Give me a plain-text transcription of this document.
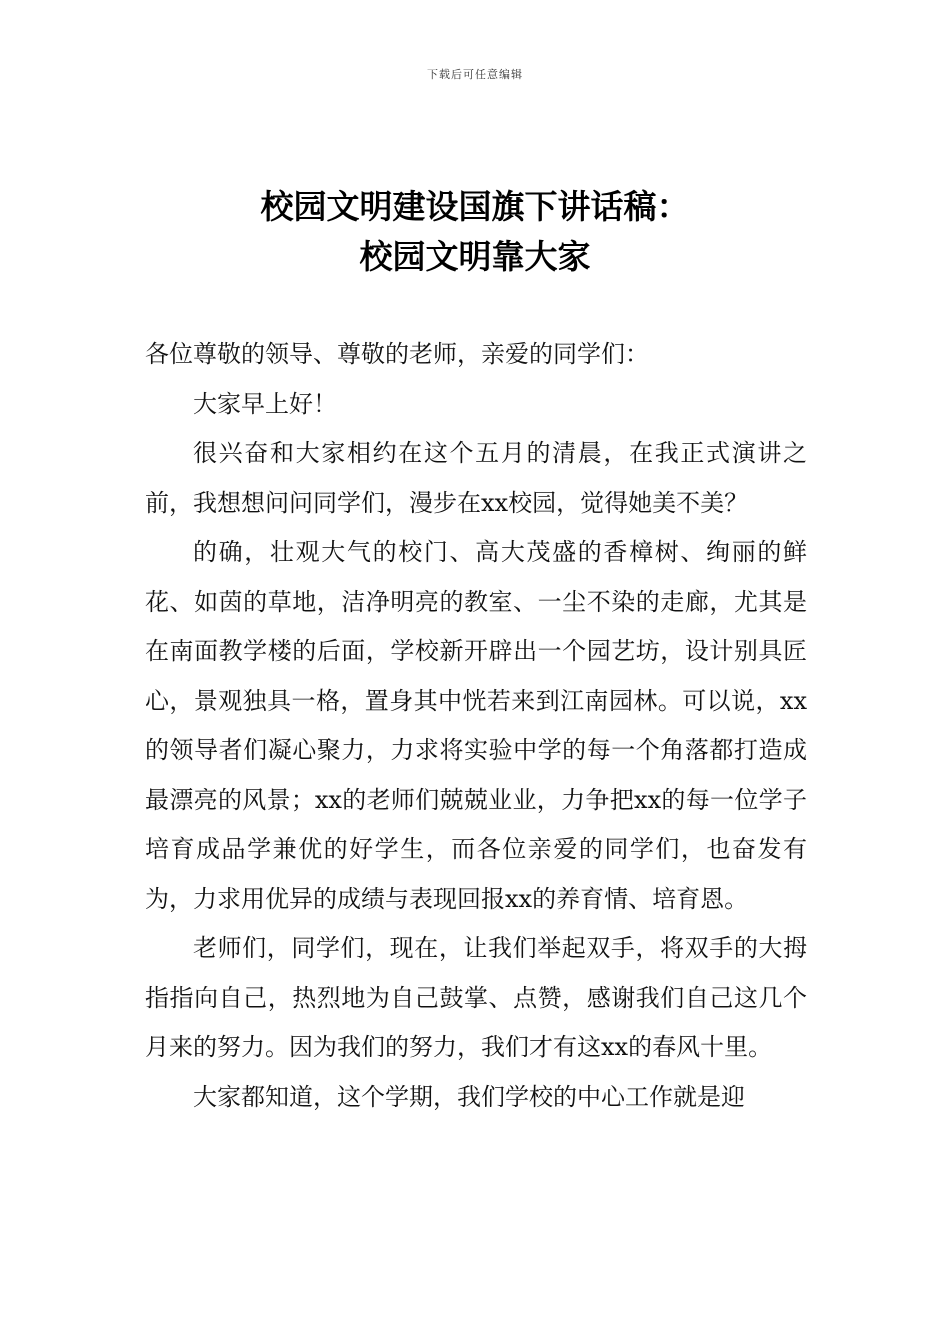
下载后可任意编辑
校园文明建设国旗下讲话稿：
校园文明靠大家

各位尊敬的领导、尊敬的老师，亲爱的同学们：

大家早上好！

很兴奋和大家相约在这个五月的清晨，在我正式演讲之前，我想想问问同学们，漫步在xx校园，觉得她美不美？

的确，壮观大气的校门、高大茂盛的香樟树、绚丽的鲜花、如茵的草地，洁净明亮的教室、一尘不染的走廊，尤其是在南面教学楼的后面，学校新开辟出一个园艺坊，设计别具匠心，景观独具一格，置身其中恍若来到江南园林。可以说，xx的领导者们凝心聚力，力求将实验中学的每一个角落都打造成最漂亮的风景；xx的老师们兢兢业业，力争把xx的每一位学子培育成品学兼优的好学生，而各位亲爱的同学们，也奋发有为，力求用优异的成绩与表现回报xx的养育情、培育恩。

老师们，同学们，现在，让我们举起双手，将双手的大拇指指向自己，热烈地为自己鼓掌、点赞，感谢我们自己这几个月来的努力。因为我们的努力，我们才有这xx的春风十里。

大家都知道，这个学期，我们学校的中心工作就是迎
